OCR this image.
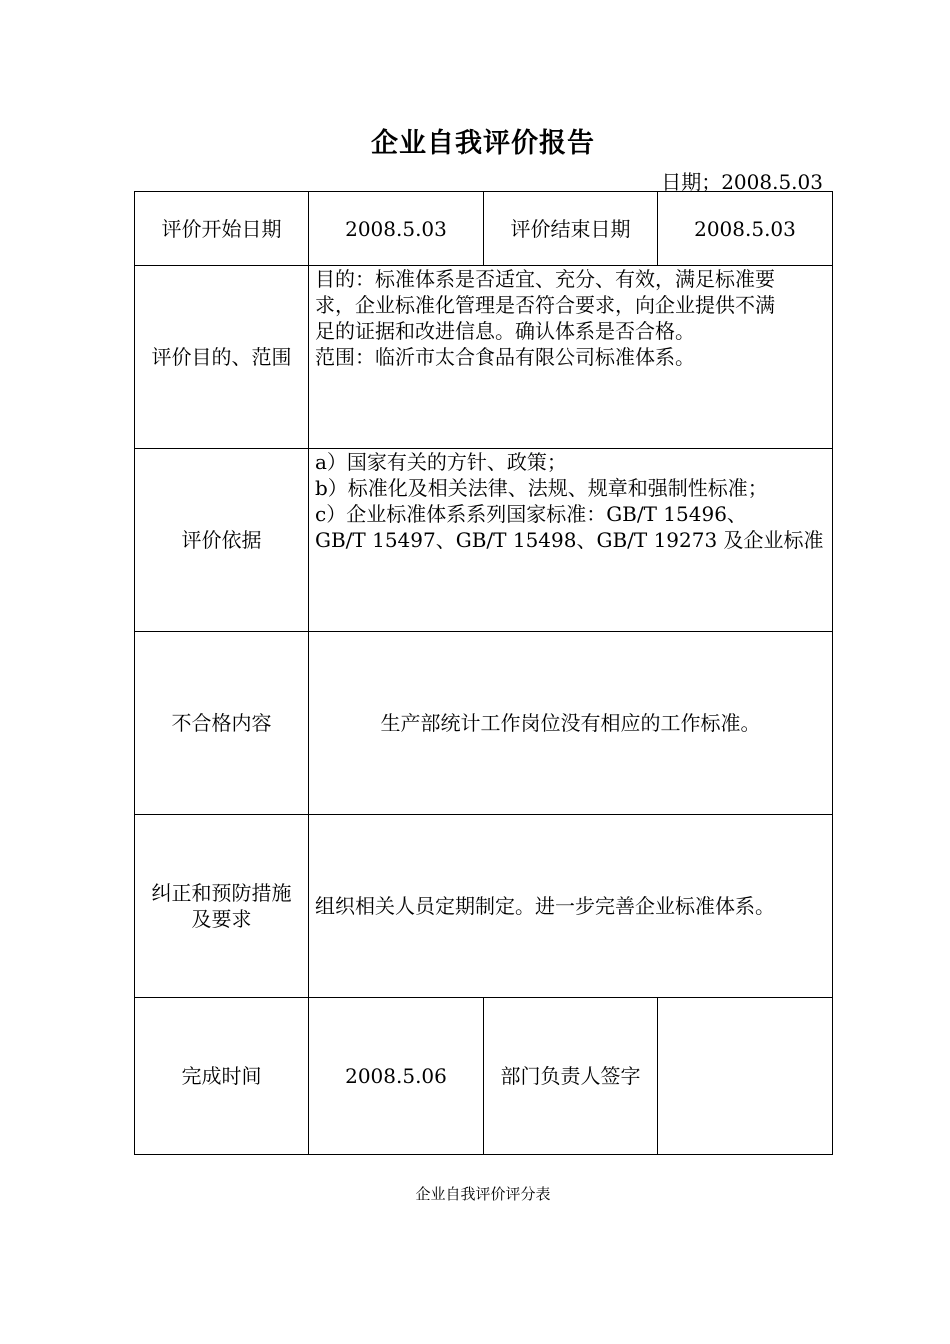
企业自我评价报告
日期；2008.5.03
评价开始日期	2008.5.03	评价结束日期	2008.5.03
评价目的、范围	目的：标准体系是否适宜、充分、有效，满足标准要
求，企业标准化管理是否符合要求，向企业提供不满
足的证据和改进信息。确认体系是否合格。
范围：临沂市太合食品有限公司标准体系。		

评价依据	a）国家有关的方针、政策；
b）标准化及相关法律、法规、规章和强制性标准；
c）企业标准体系系列国家标准：GB/T 15496、
GB/T 15497、GB/T 15498、GB/T 19273 及企业标准		

不合格内容	生产部统计工作岗位没有相应的工作标准。		

纠正和预防措施
及要求	组织相关人员定期制定。进一步完善企业标准体系。		
完成时间	2008.5.06	部门负责人签字	
企业自我评价评分表
